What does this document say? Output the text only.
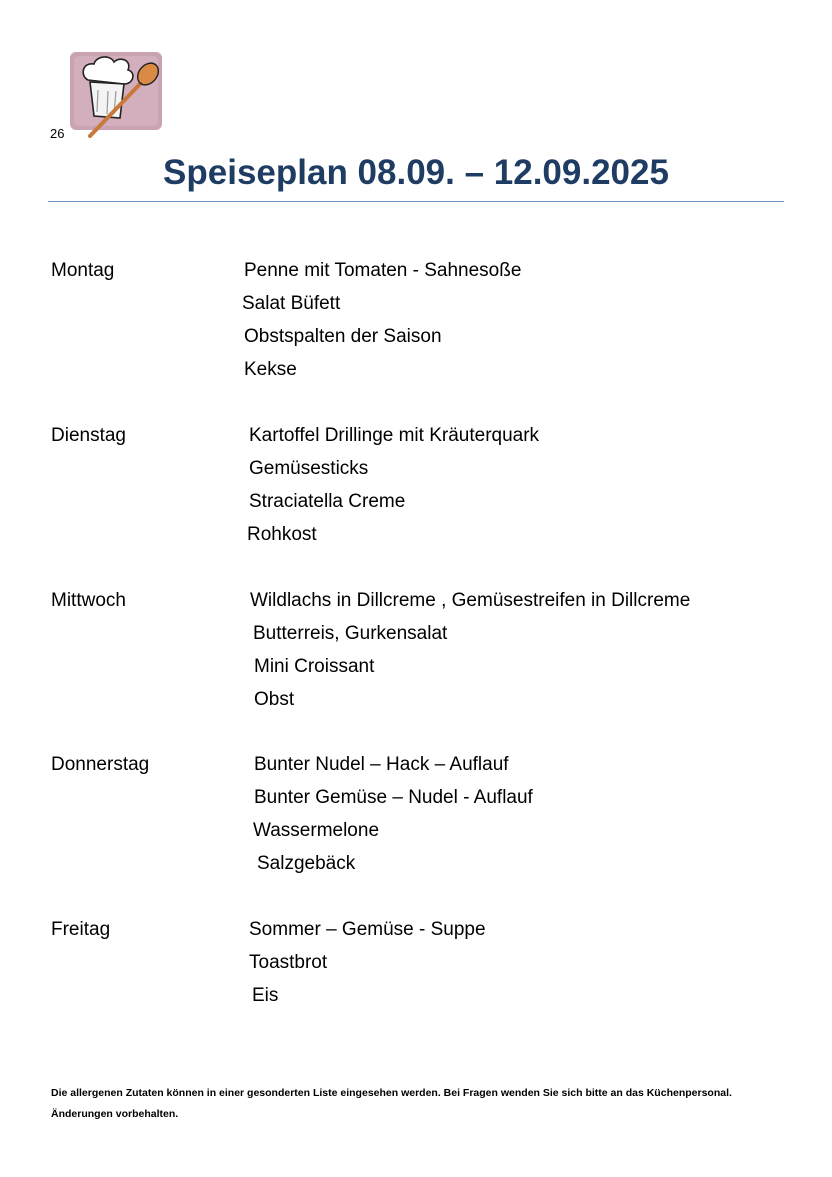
26
Speiseplan 08.09. – 12.09.2025
Montag	Penne mit Tomaten - Sahnesoße
Salat Büfett
Obstspalten der Saison
Kekse
Dienstag	Kartoffel Drillinge mit Kräuterquark
Gemüsesticks
Straciatella Creme
Rohkost
Mittwoch	Wildlachs in Dillcreme , Gemüsestreifen in Dillcreme
Butterreis, Gurkensalat
Mini Croissant
Obst
Donnerstag	Bunter Nudel – Hack – Auflauf
Bunter Gemüse – Nudel - Auflauf
Wassermelone
Salzgebäck
Freitag	Sommer – Gemüse - Suppe
Toastbrot
Eis
Die allergenen Zutaten können in einer gesonderten Liste eingesehen werden. Bei Fragen wenden Sie sich bitte an das Küchenpersonal.
Änderungen vorbehalten.
